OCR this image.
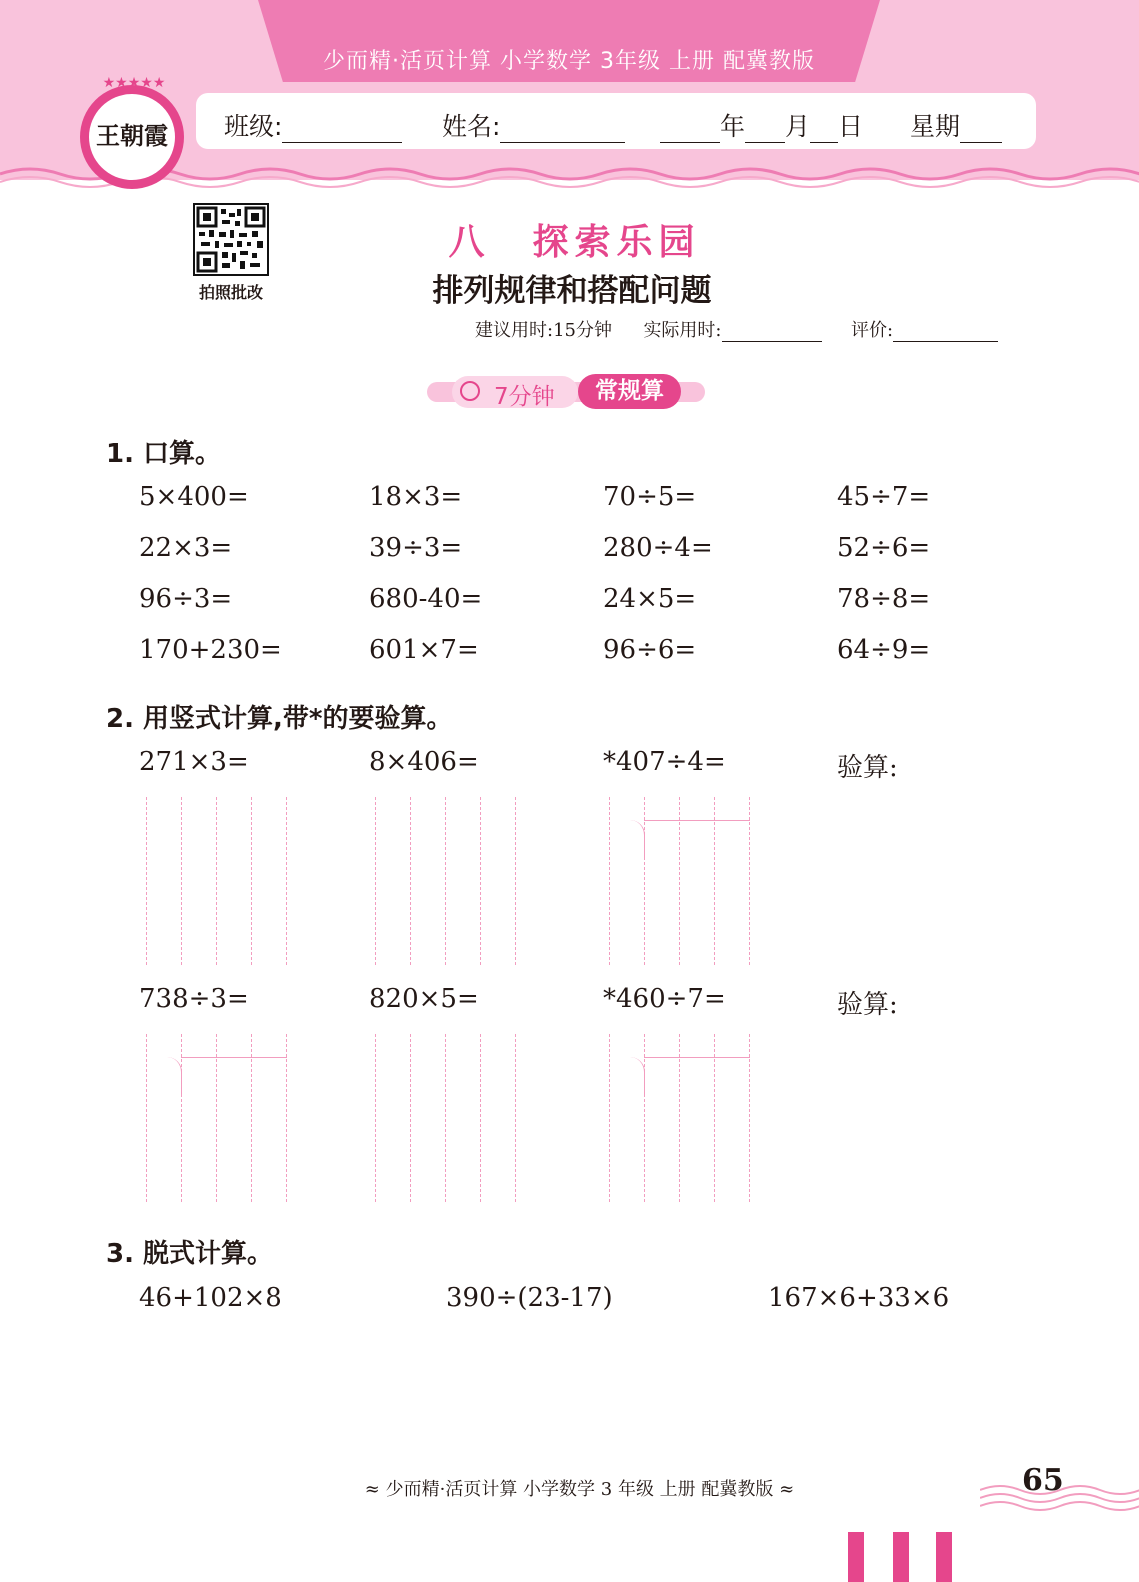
少而精·活页计算 小学数学 3年级 上册 配冀教版
班级:	姓名:	年 月 日 星期
★★★★★
王朝霞
拍照批改
八　探索乐园
排列规律和搭配问题
建议用时:15分钟 实际用时:	评价:
7分钟	常规算
1. 口算。
5×400=	18×3=	70÷5=	45÷7=
22×3=	39÷3=	280÷4=	52÷6=
96÷3=	680-40=	24×5=	78÷8=
170+230=	601×7=	96÷6=	64÷9=
2. 用竖式计算,带*的要验算。
271×3=	8×406=	*407÷4=	验算:
738÷3=	820×5=	*460÷7=	验算:
3. 脱式计算。
46+102×8	390÷(23-17)	167×6+33×6
≈ 少而精·活页计算 小学数学 3 年级 上册 配冀教版 ≈	65
